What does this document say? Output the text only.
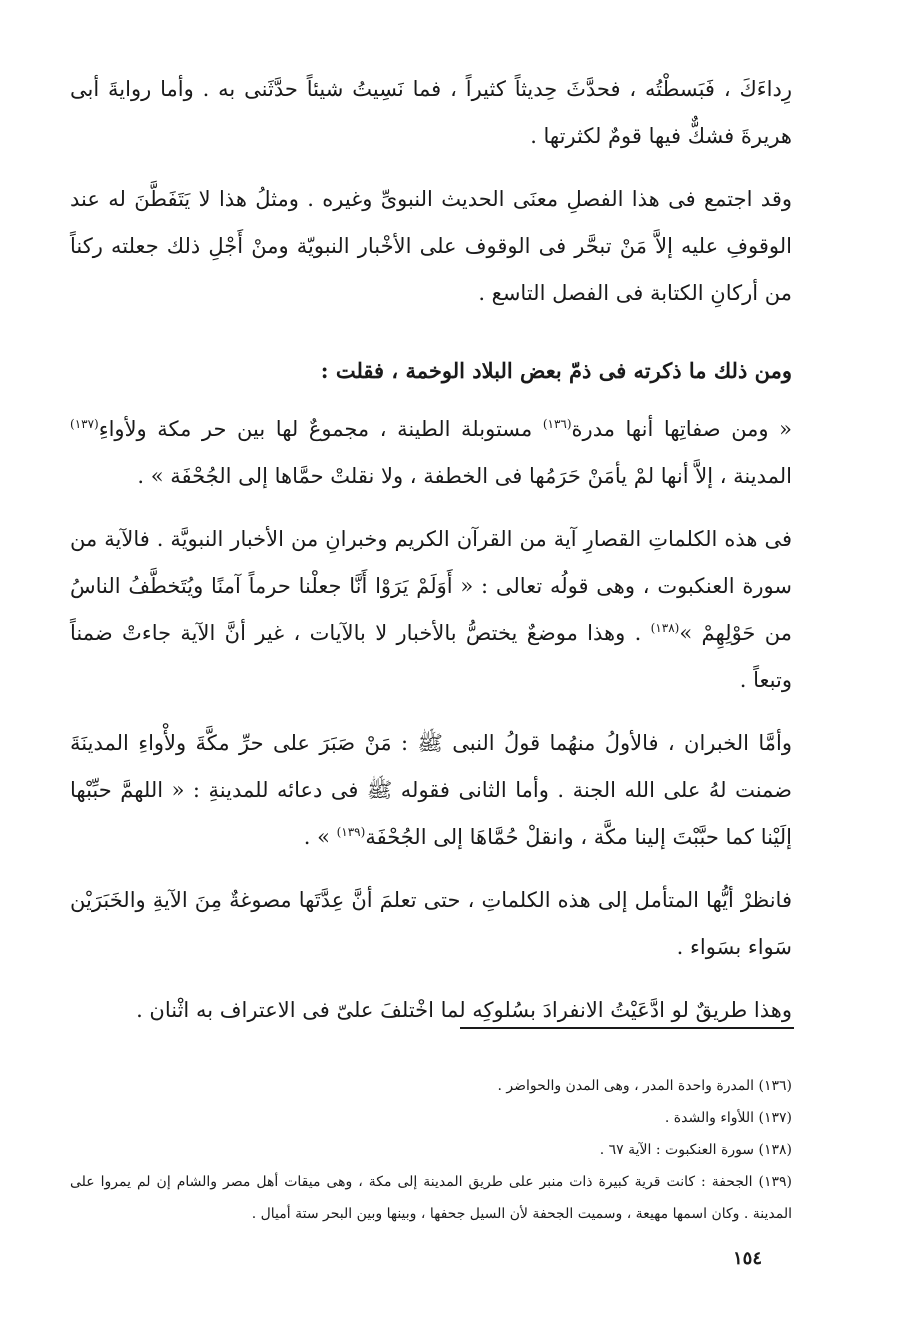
رِداءَكَ ، فَبَسطْتُه ، فحدَّثَ حِديثاً كثيراً ، فما نَسِيتُ شيئاً حدَّثَنى به . وأما روايةَ أبى هريرةَ فشكٌّ فيها قومٌ لكثرتها .

وقد اجتمع فى هذا الفصلِ معنَى الحديث النبوىِّ وغيره . ومثلُ هذا لا يَتَفَطَّنَ له عند الوقوفِ عليه إلاَّ مَنْ تبحَّر فى الوقوف على الأخْبار النبويّة ومنْ أَجْلِ ذلك جعلته ركناً من أركانِ الكتابة فى الفصل التاسع .

ومن ذلك ما ذكرته فى ذمّ بعض البلاد الوخمة ، فقلت :

« ومن صفاتِها أنها مدرة$^{(١٣٦)}$ مستوبلة الطينة ، مجموعٌ لها بين حر مكة ولأواءِ$^{(١٣٧)}$ المدينة ، إلاَّ أنها لمْ يأمَنْ حَرَمُها فى الخطفة ، ولا نقلتْ حمَّاها إلى الجُحْفَة » .

فى هذه الكلماتِ القصارِ آية من القرآن الكريم وخبرانِ من الأخبار النبويَّة . فالآية من سورة العنكبوت ، وهى قولُه تعالى : « أَوَلَمْ يَرَوْا أَنَّا جعلْنا حرماً آمنًا ويُتَخطَّفُ الناسُ من حَوْلِهِمْ »$^{(١٣٨)}$ . وهذا موضعٌ يختصُّ بالأخبار لا بالآيات ، غير أنَّ الآية جاءتْ ضمناً وتبعاً .

وأمَّا الخبران ، فالأولُ منهُما قولُ النبى ﷺ : مَنْ صَبَرَ على حرِّ مكَّةَ ولأْواءِ المدينَةَ ضمنت لهُ على الله الجنة . وأما الثانى فقوله ﷺ فى دعائه للمدينةِ : « اللهمَّ حبِّبْها إلَيْنا كما حبَّبْتَ إلينا مكَّة ، وانقلْ حُمَّاهَا إلى الجُحْفَة$^{(١٣٩)}$ » .

فانظرْ أيُّها المتأمل إلى هذه الكلماتِ ، حتى تعلمَ أنَّ عِدَّتَها مصوغةٌ مِنَ الآيةِ والخَبَرَيْن سَواء بسَواء .

وهذا طريقٌ لو ادَّعَيْتُ الانفرادَ بسُلوكِه لما اخْتلفَ علىّ فى الاعتراف به اثْنان .

(١٣٦) المدرة واحدة المدر ، وهى المدن والحواضر .

(١٣٧) اللأواء والشدة .

(١٣٨) سورة العنكبوت : الآية ٦٧ .

(١٣٩) الجحفة : كانت قرية كبيرة ذات منبر على طريق المدينة إلى مكة ، وهى ميقات أهل مصر والشام إن لم يمروا على المدينة . وكان اسمها مهيعة ، وسميت الجحفة لأن السيل جحفها ، وبينها وبين البحر ستة أميال .

١٥٤
